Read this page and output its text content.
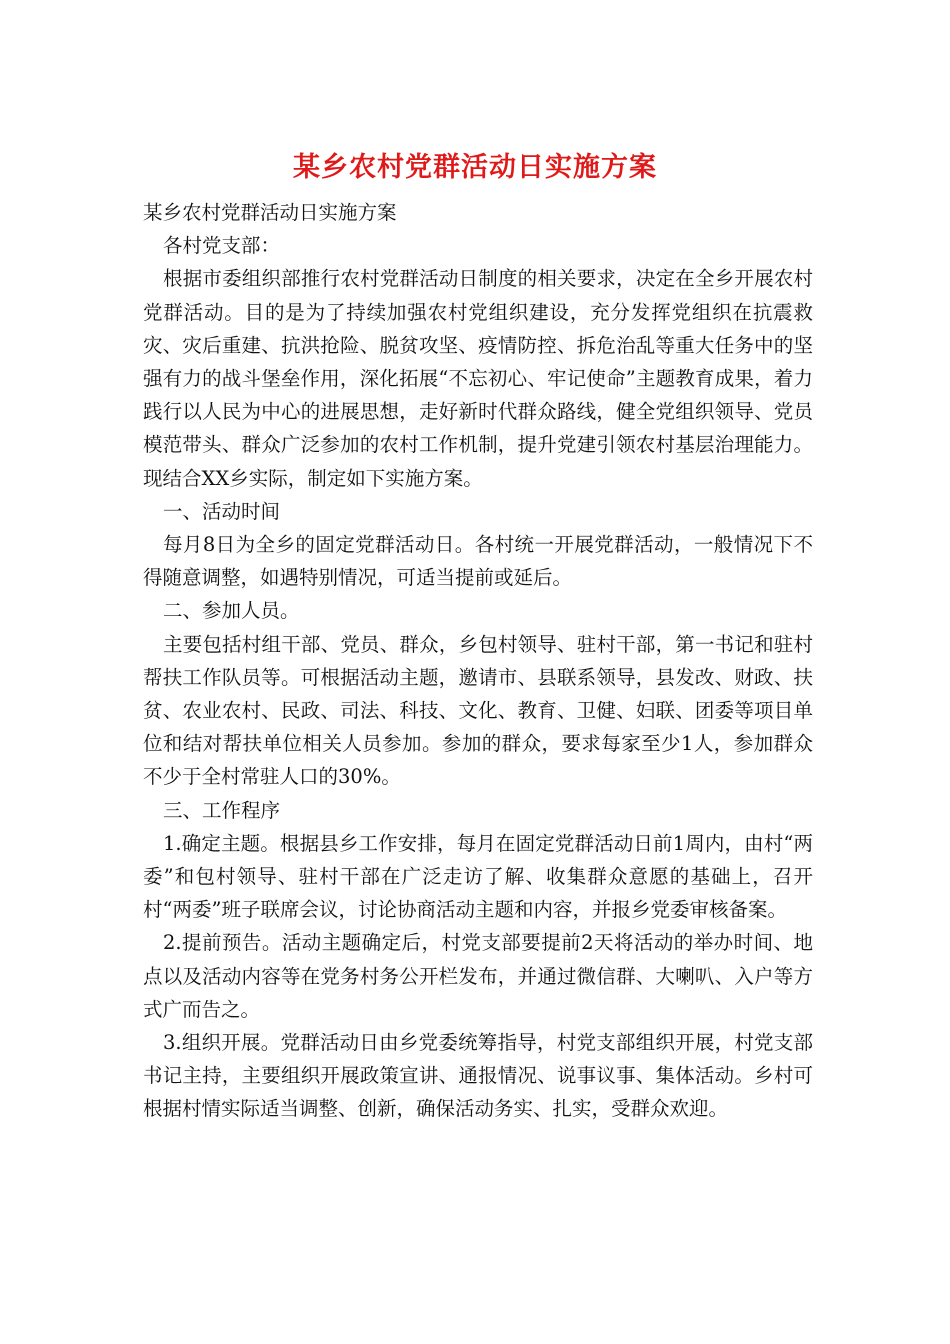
某乡农村党群活动日实施方案

某乡农村党群活动日实施方案

各村党支部：

根据市委组织部推行农村党群活动日制度的相关要求，决定在全乡开展农村党群活动。目的是为了持续加强农村党组织建设，充分发挥党组织在抗震救灾、灾后重建、抗洪抢险、脱贫攻坚、疫情防控、拆危治乱等重大任务中的坚强有力的战斗堡垒作用，深化拓展“不忘初心、牢记使命”主题教育成果，着力践行以人民为中心的进展思想，走好新时代群众路线，健全党组织领导、党员模范带头、群众广泛参加的农村工作机制，提升党建引领农村基层治理能力。现结合XX乡实际，制定如下实施方案。

一、活动时间

每月8日为全乡的固定党群活动日。各村统一开展党群活动，一般情况下不得随意调整，如遇特别情况，可适当提前或延后。

二、参加人员。

主要包括村组干部、党员、群众，乡包村领导、驻村干部，第一书记和驻村帮扶工作队员等。可根据活动主题，邀请市、县联系领导，县发改、财政、扶贫、农业农村、民政、司法、科技、文化、教育、卫健、妇联、团委等项目单位和结对帮扶单位相关人员参加。参加的群众，要求每家至少1人，参加群众不少于全村常驻人口的30%。

三、工作程序

1.确定主题。根据县乡工作安排，每月在固定党群活动日前1周内，由村“两委”和包村领导、驻村干部在广泛走访了解、收集群众意愿的基础上，召开村“两委”班子联席会议，讨论协商活动主题和内容，并报乡党委审核备案。

2.提前预告。活动主题确定后，村党支部要提前2天将活动的举办时间、地点以及活动内容等在党务村务公开栏发布，并通过微信群、大喇叭、入户等方式广而告之。

3.组织开展。党群活动日由乡党委统筹指导，村党支部组织开展，村党支部书记主持，主要组织开展政策宣讲、通报情况、说事议事、集体活动。乡村可根据村情实际适当调整、创新，确保活动务实、扎实，受群众欢迎。
